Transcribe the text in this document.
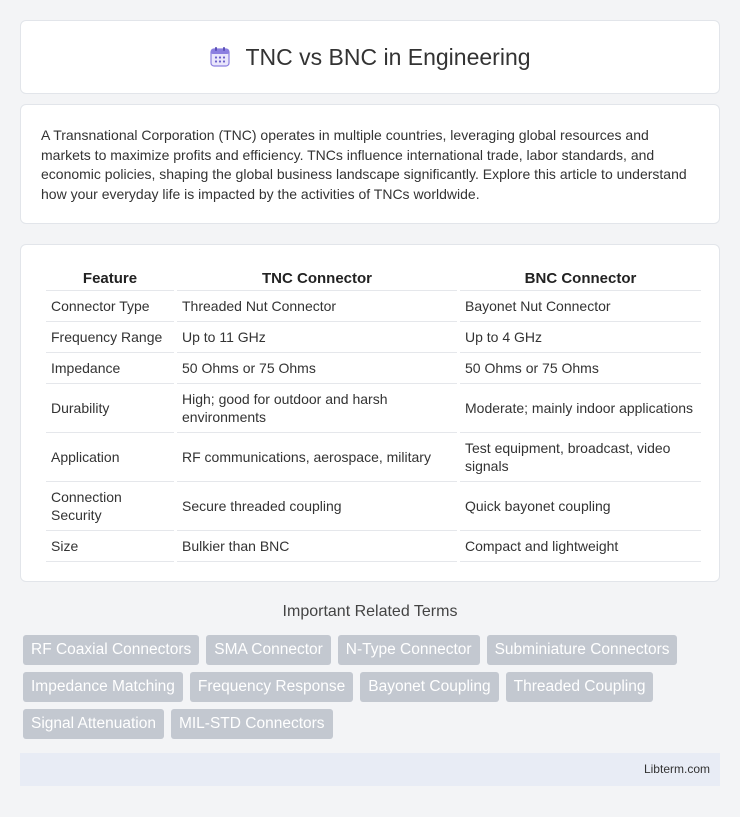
TNC vs BNC in Engineering

A Transnational Corporation (TNC) operates in multiple countries, leveraging global resources and markets to maximize profits and efficiency. TNCs influence international trade, labor standards, and economic policies, shaping the global business landscape significantly. Explore this article to understand how your everyday life is impacted by the activities of TNCs worldwide.

Feature	TNC Connector	BNC Connector
Connector Type	Threaded Nut Connector	Bayonet Nut Connector
Frequency Range	Up to 11 GHz	Up to 4 GHz
Impedance	50 Ohms or 75 Ohms	50 Ohms or 75 Ohms
Durability	High; good for outdoor and harsh environments	Moderate; mainly indoor applications
Application	RF communications, aerospace, military	Test equipment, broadcast, video signals
Connection Security	Secure threaded coupling	Quick bayonet coupling
Size	Bulkier than BNC	Compact and lightweight
Important Related Terms
RF Coaxial Connectors	SMA Connector	N-Type Connector	Subminiature Connectors
Impedance Matching	Frequency Response	Bayonet Coupling	Threaded Coupling
Signal Attenuation	MIL-STD Connectors
Libterm.com
